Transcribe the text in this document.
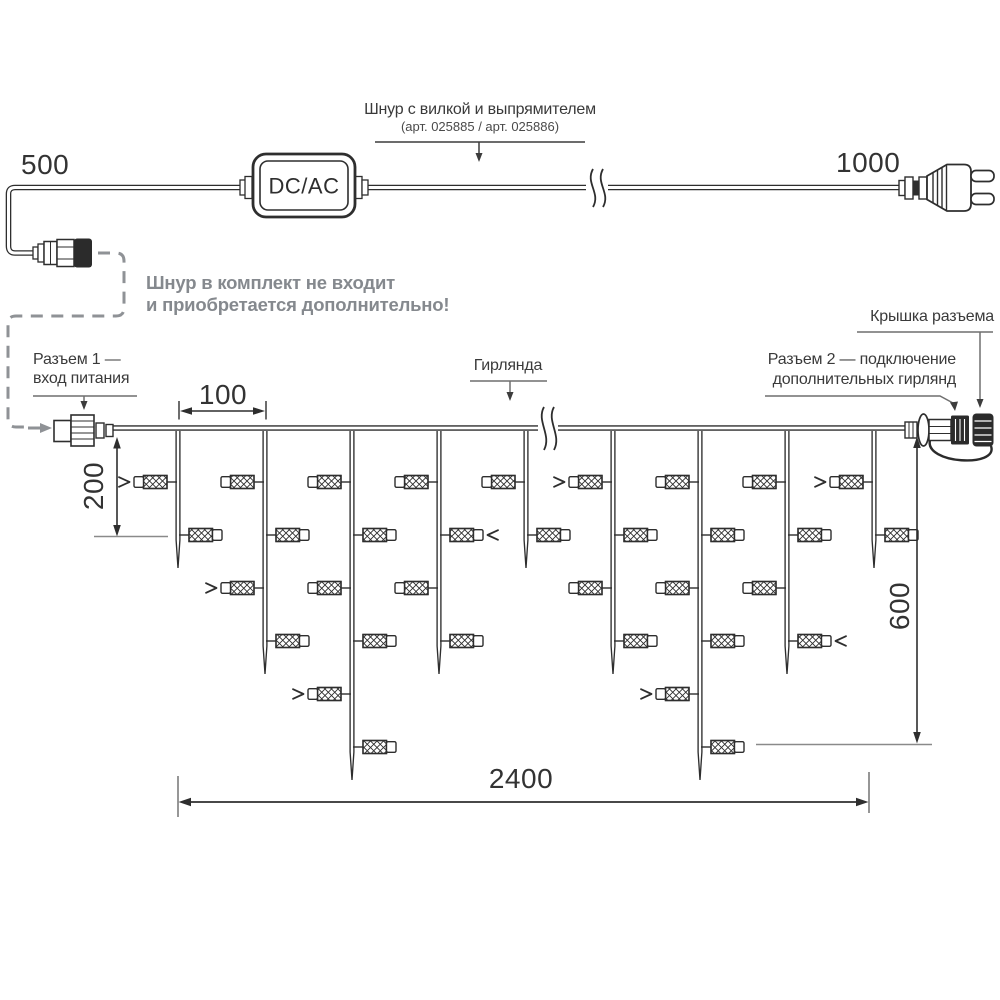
500	1000
Шнур с вилкой и выпрямителем
(арт. 025885 / арт. 025886)
DC/AC
Шнур в комплект не входит
и приобретается дополнительно!
Разъем 1 —
вход питания
Гирлянда	Разъем 2 — подключение
дополнительных гирлянд
Крышка разъема
100
200
600
2400
